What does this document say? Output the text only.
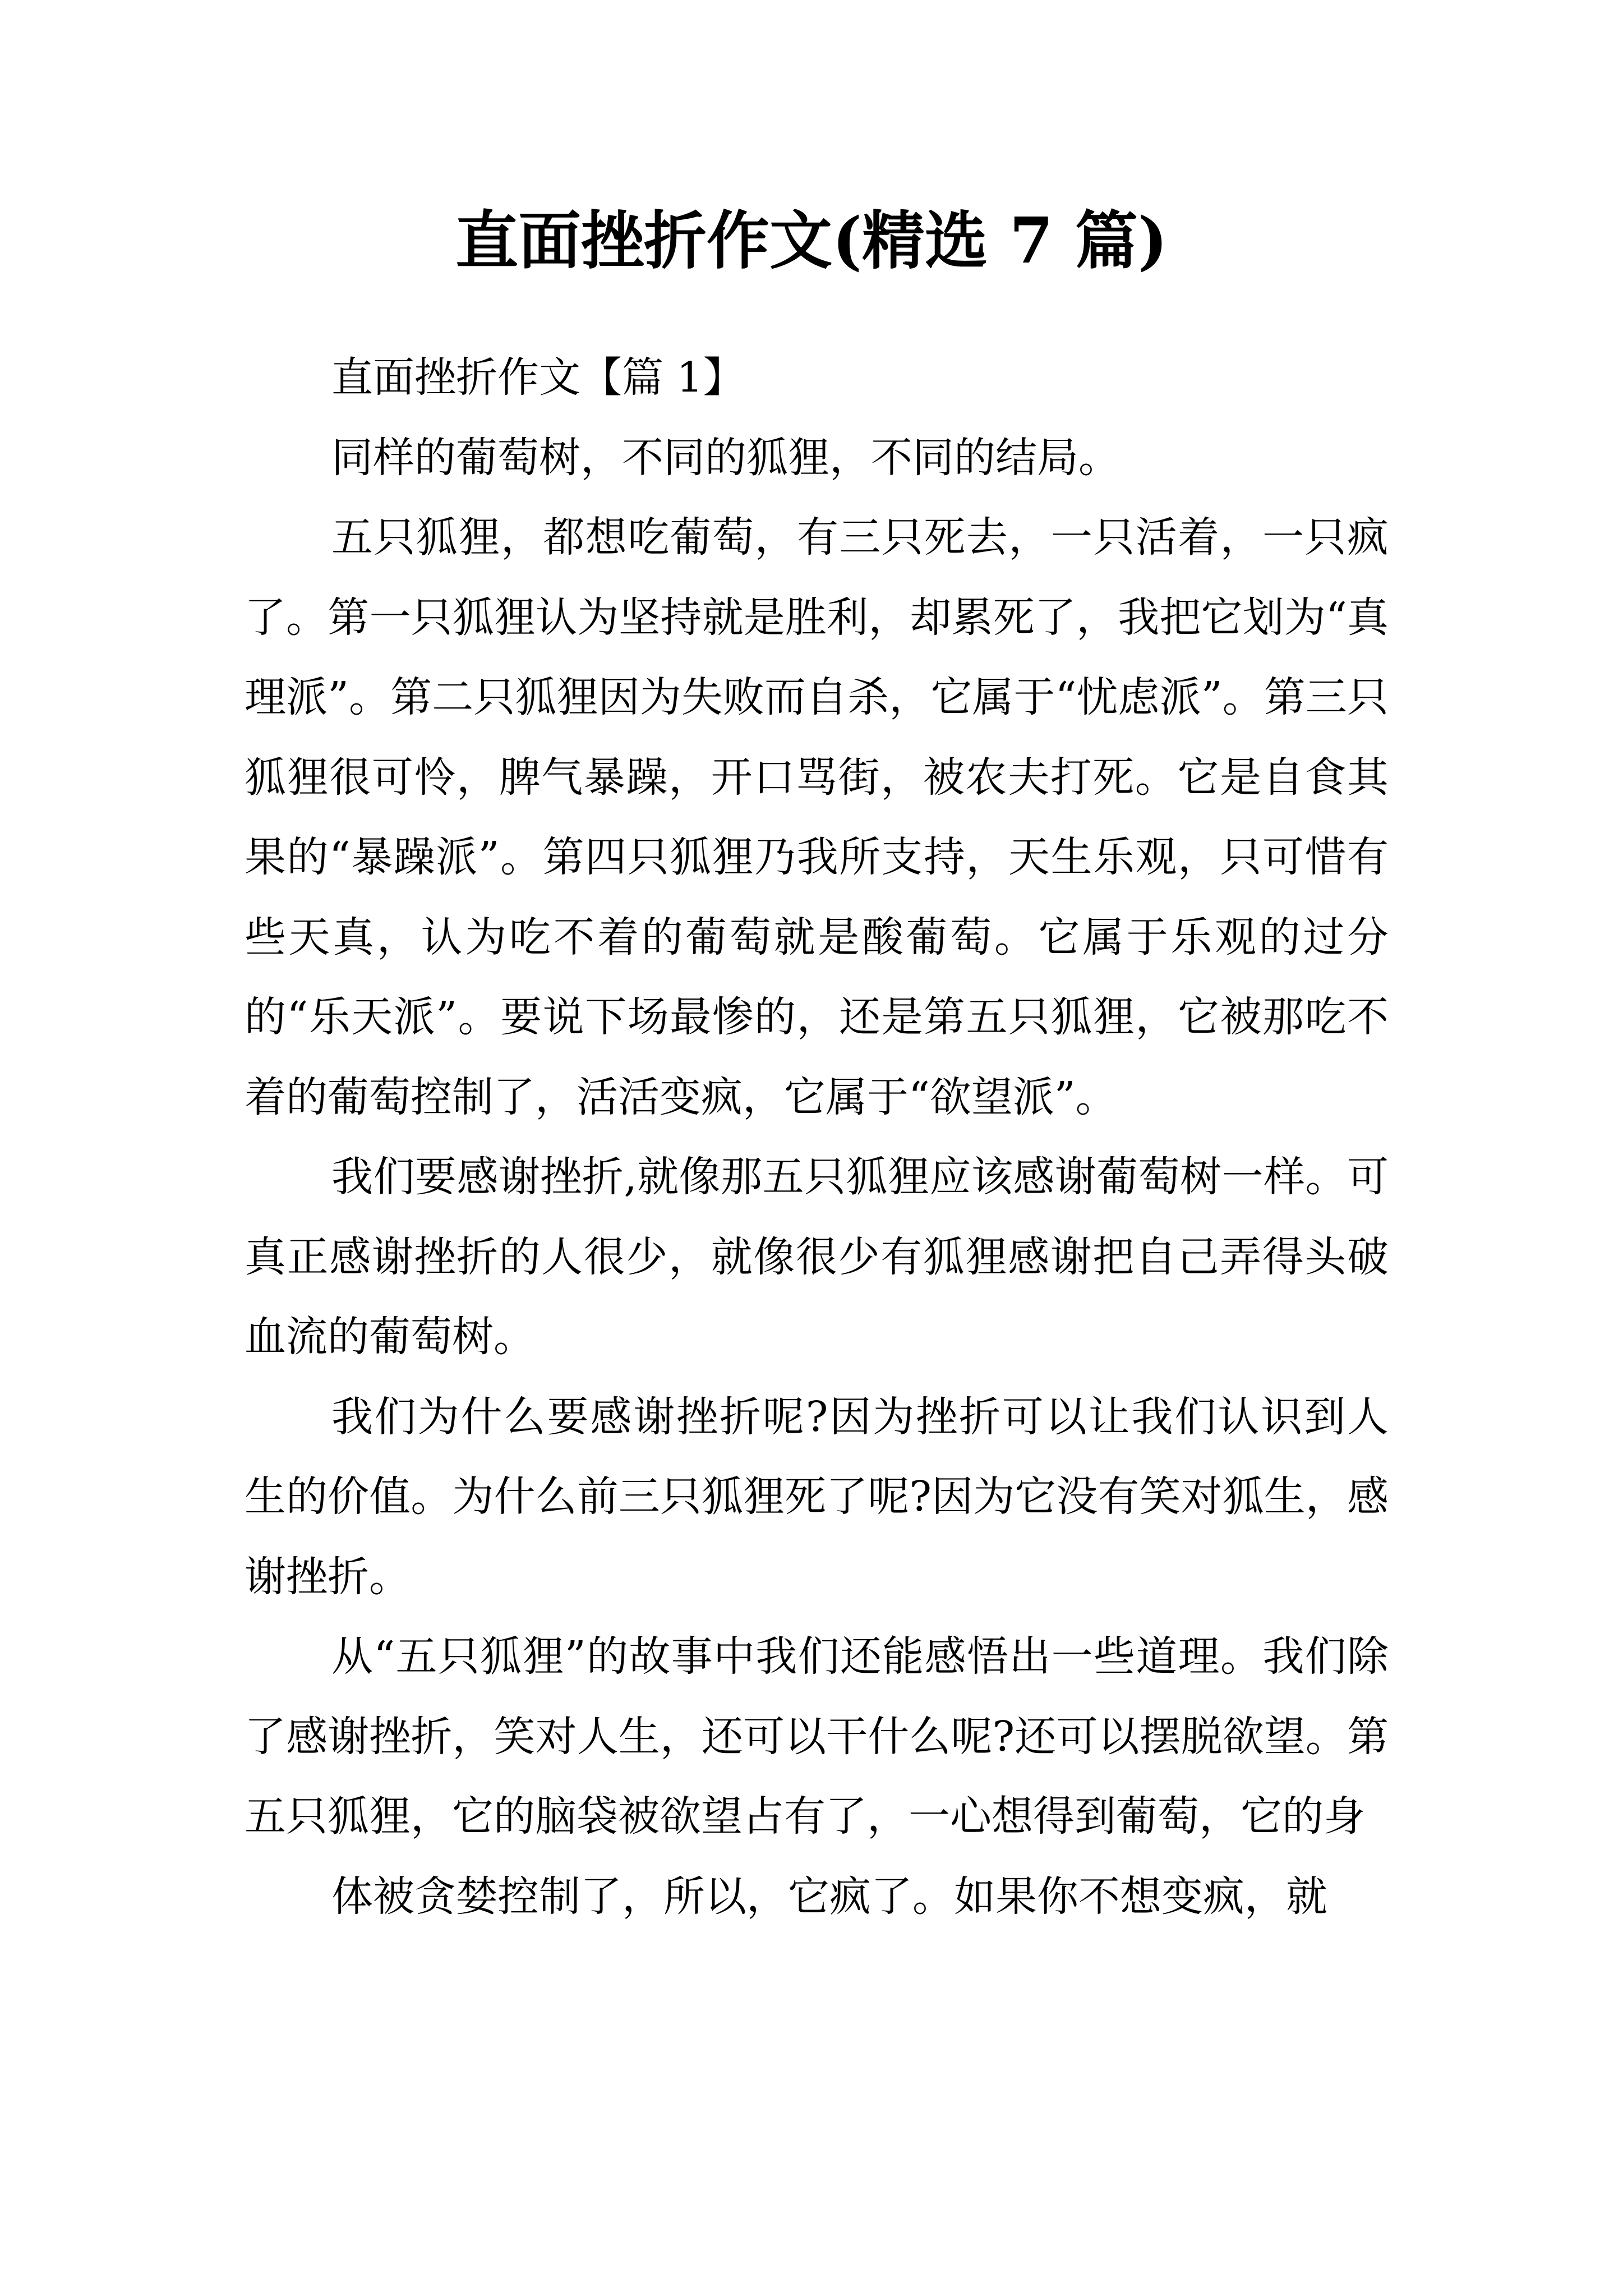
直面挫折作文(精选 7 篇)

直面挫折作文【篇 1】

同样的葡萄树，不同的狐狸，不同的结局。

五只狐狸，都想吃葡萄，有三只死去，一只活着，一只疯了。第一只狐狸认为坚持就是胜利，却累死了，我把它划为“真理派”。第二只狐狸因为失败而自杀，它属于“忧虑派”。第三只狐狸很可怜，脾气暴躁，开口骂街，被农夫打死。它是自食其果的“暴躁派”。第四只狐狸乃我所支持，天生乐观，只可惜有些天真，认为吃不着的葡萄就是酸葡萄。它属于乐观的过分的“乐天派”。要说下场最惨的，还是第五只狐狸，它被那吃不着的葡萄控制了，活活变疯，它属于“欲望派”。

我们要感谢挫折,就像那五只狐狸应该感谢葡萄树一样。可真正感谢挫折的人很少，就像很少有狐狸感谢把自己弄得头破血流的葡萄树。

我们为什么要感谢挫折呢?因为挫折可以让我们认识到人生的价值。为什么前三只狐狸死了呢?因为它没有笑对狐生，感谢挫折。

从“五只狐狸”的故事中我们还能感悟出一些道理。我们除了感谢挫折，笑对人生，还可以干什么呢?还可以摆脱欲望。第五只狐狸，它的脑袋被欲望占有了，一心想得到葡萄，它的身

体被贪婪控制了，所以，它疯了。如果你不想变疯，就
